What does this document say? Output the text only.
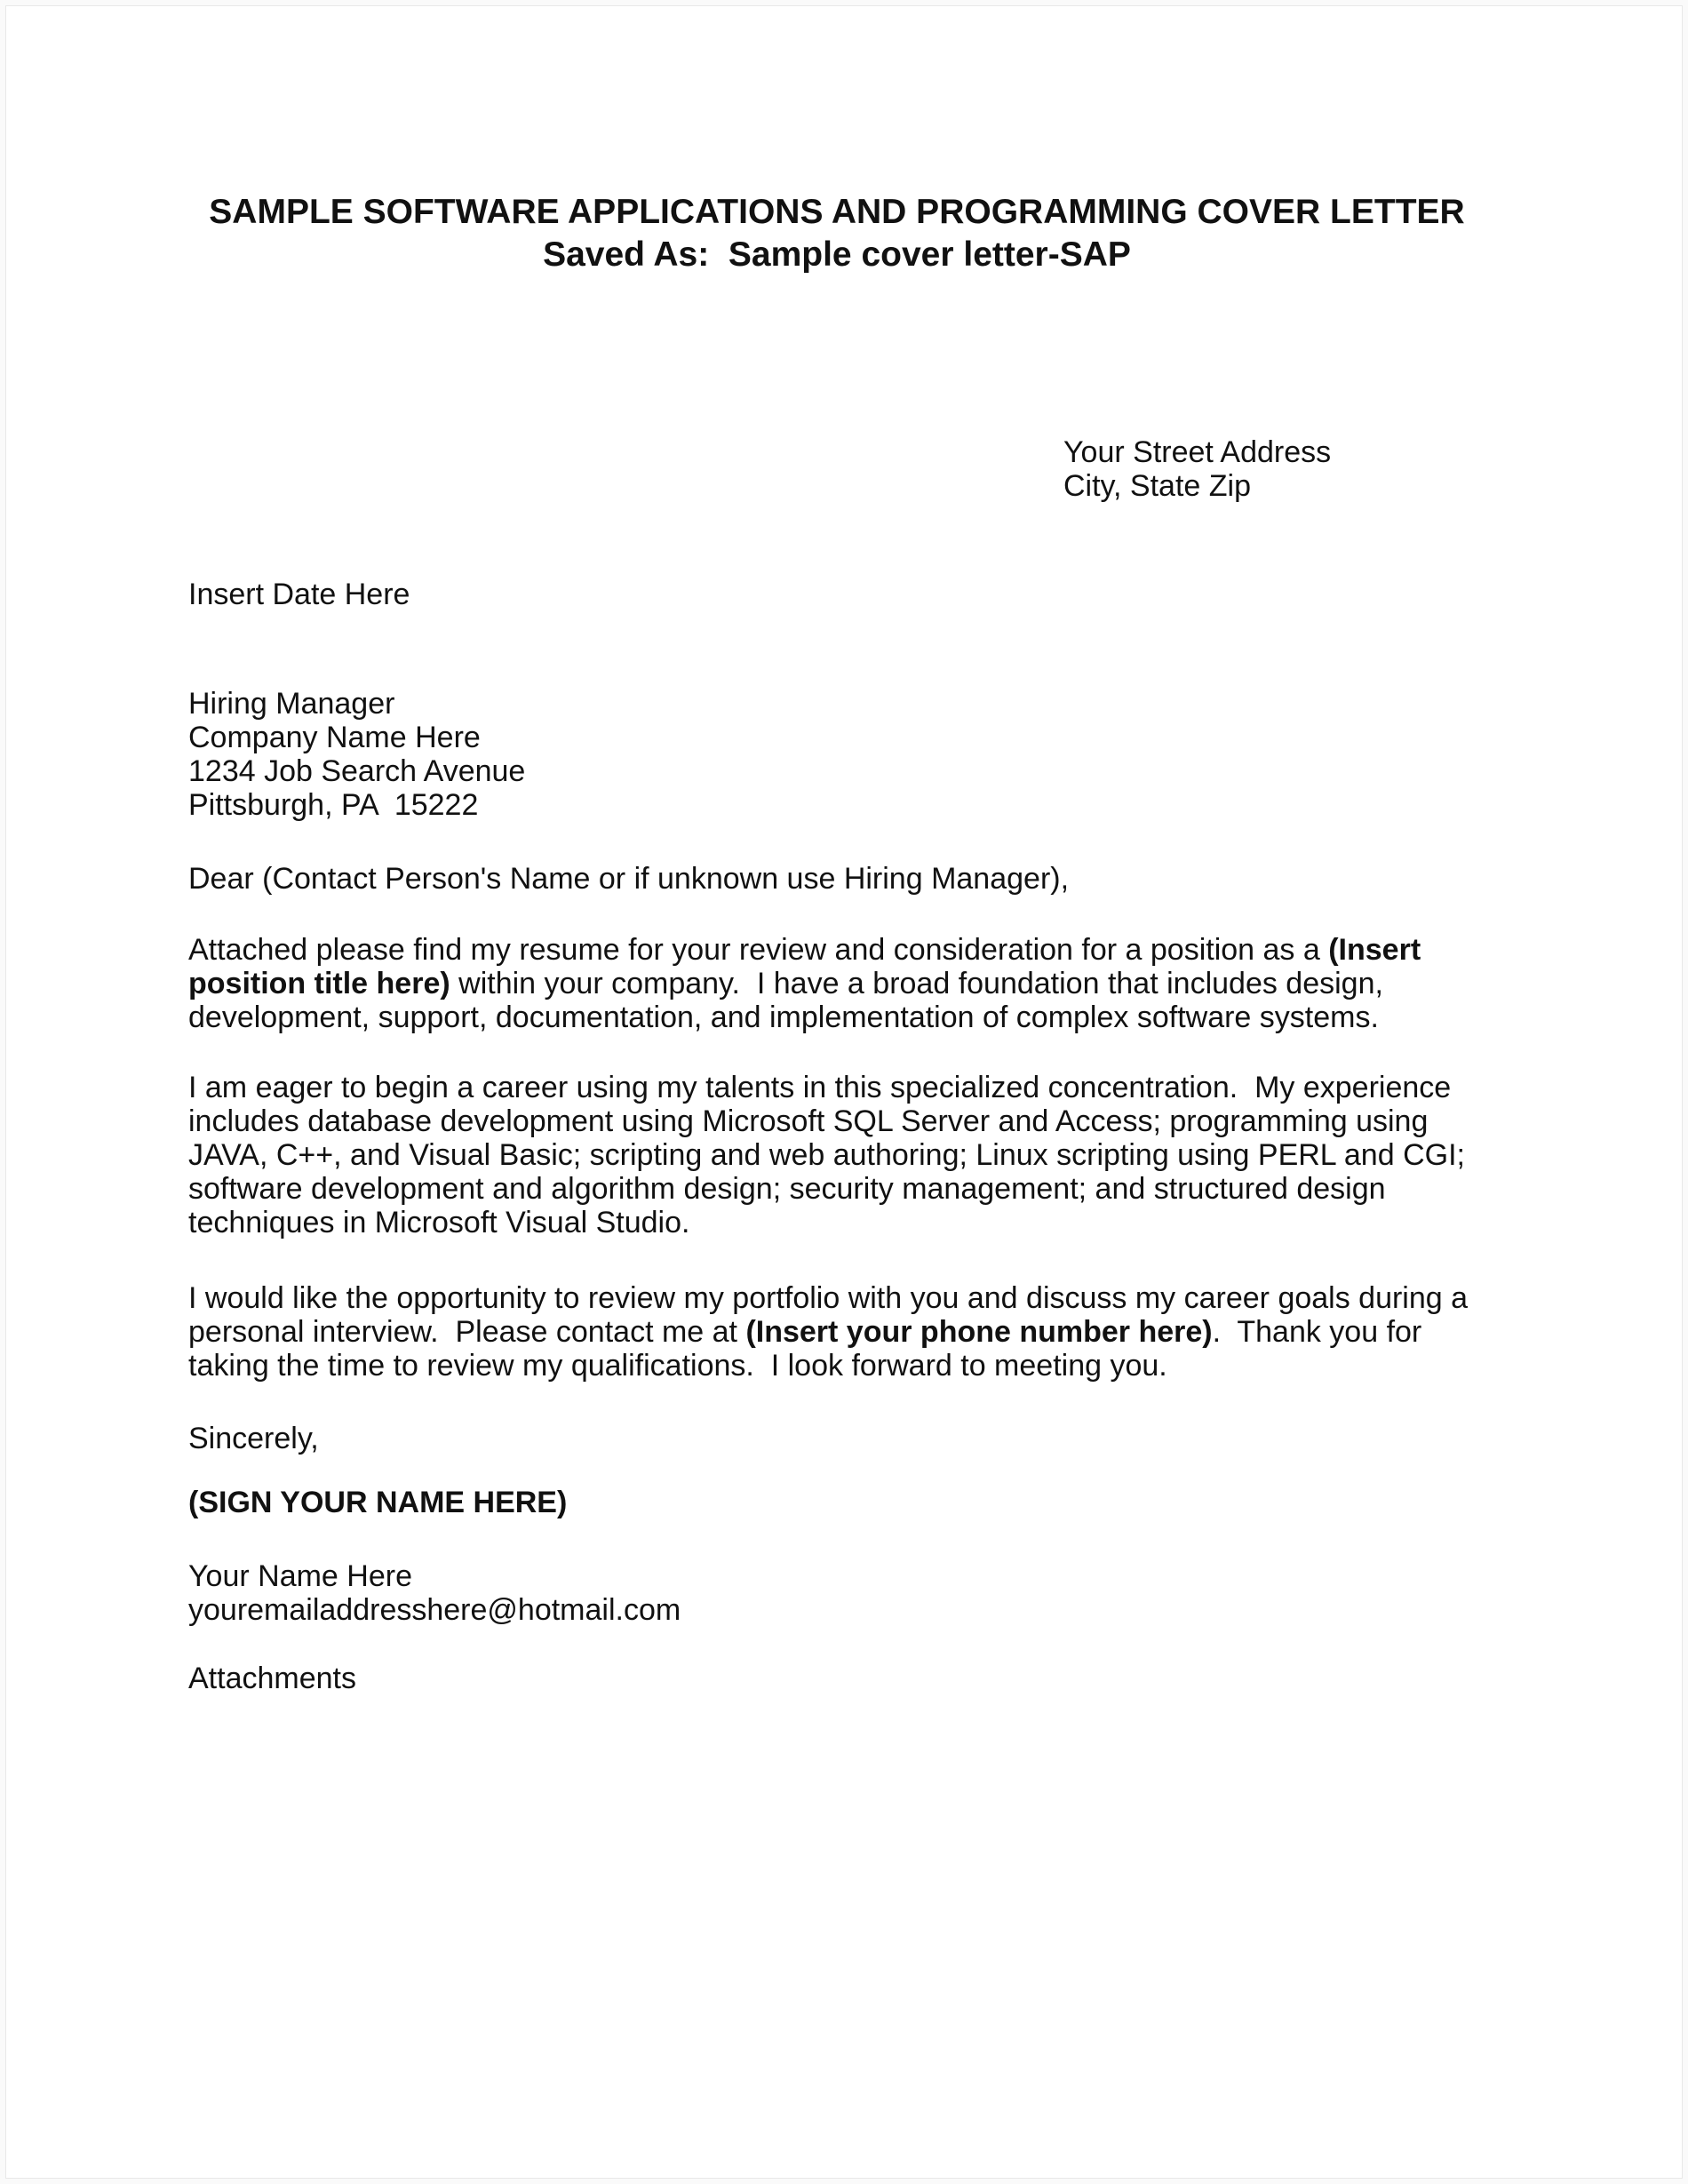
SAMPLE SOFTWARE APPLICATIONS AND PROGRAMMING COVER LETTER
Saved As:  Sample cover letter-SAP
Your Street Address
City, State Zip
Insert Date Here
Hiring Manager
Company Name Here
1234 Job Search Avenue
Pittsburgh, PA  15222
Dear (Contact Person's Name or if unknown use Hiring Manager),
Attached please find my resume for your review and consideration for a position as a (Insert
position title here) within your company.  I have a broad foundation that includes design,
development, support, documentation, and implementation of complex software systems.
I am eager to begin a career using my talents in this specialized concentration.  My experience
includes database development using Microsoft SQL Server and Access; programming using
JAVA, C++, and Visual Basic; scripting and web authoring; Linux scripting using PERL and CGI;
software development and algorithm design; security management; and structured design
techniques in Microsoft Visual Studio.
I would like the opportunity to review my portfolio with you and discuss my career goals during a
personal interview.  Please contact me at (Insert your phone number here).  Thank you for
taking the time to review my qualifications.  I look forward to meeting you.
Sincerely,
(SIGN YOUR NAME HERE)
Your Name Here
youremailaddresshere@hotmail.com
Attachments
